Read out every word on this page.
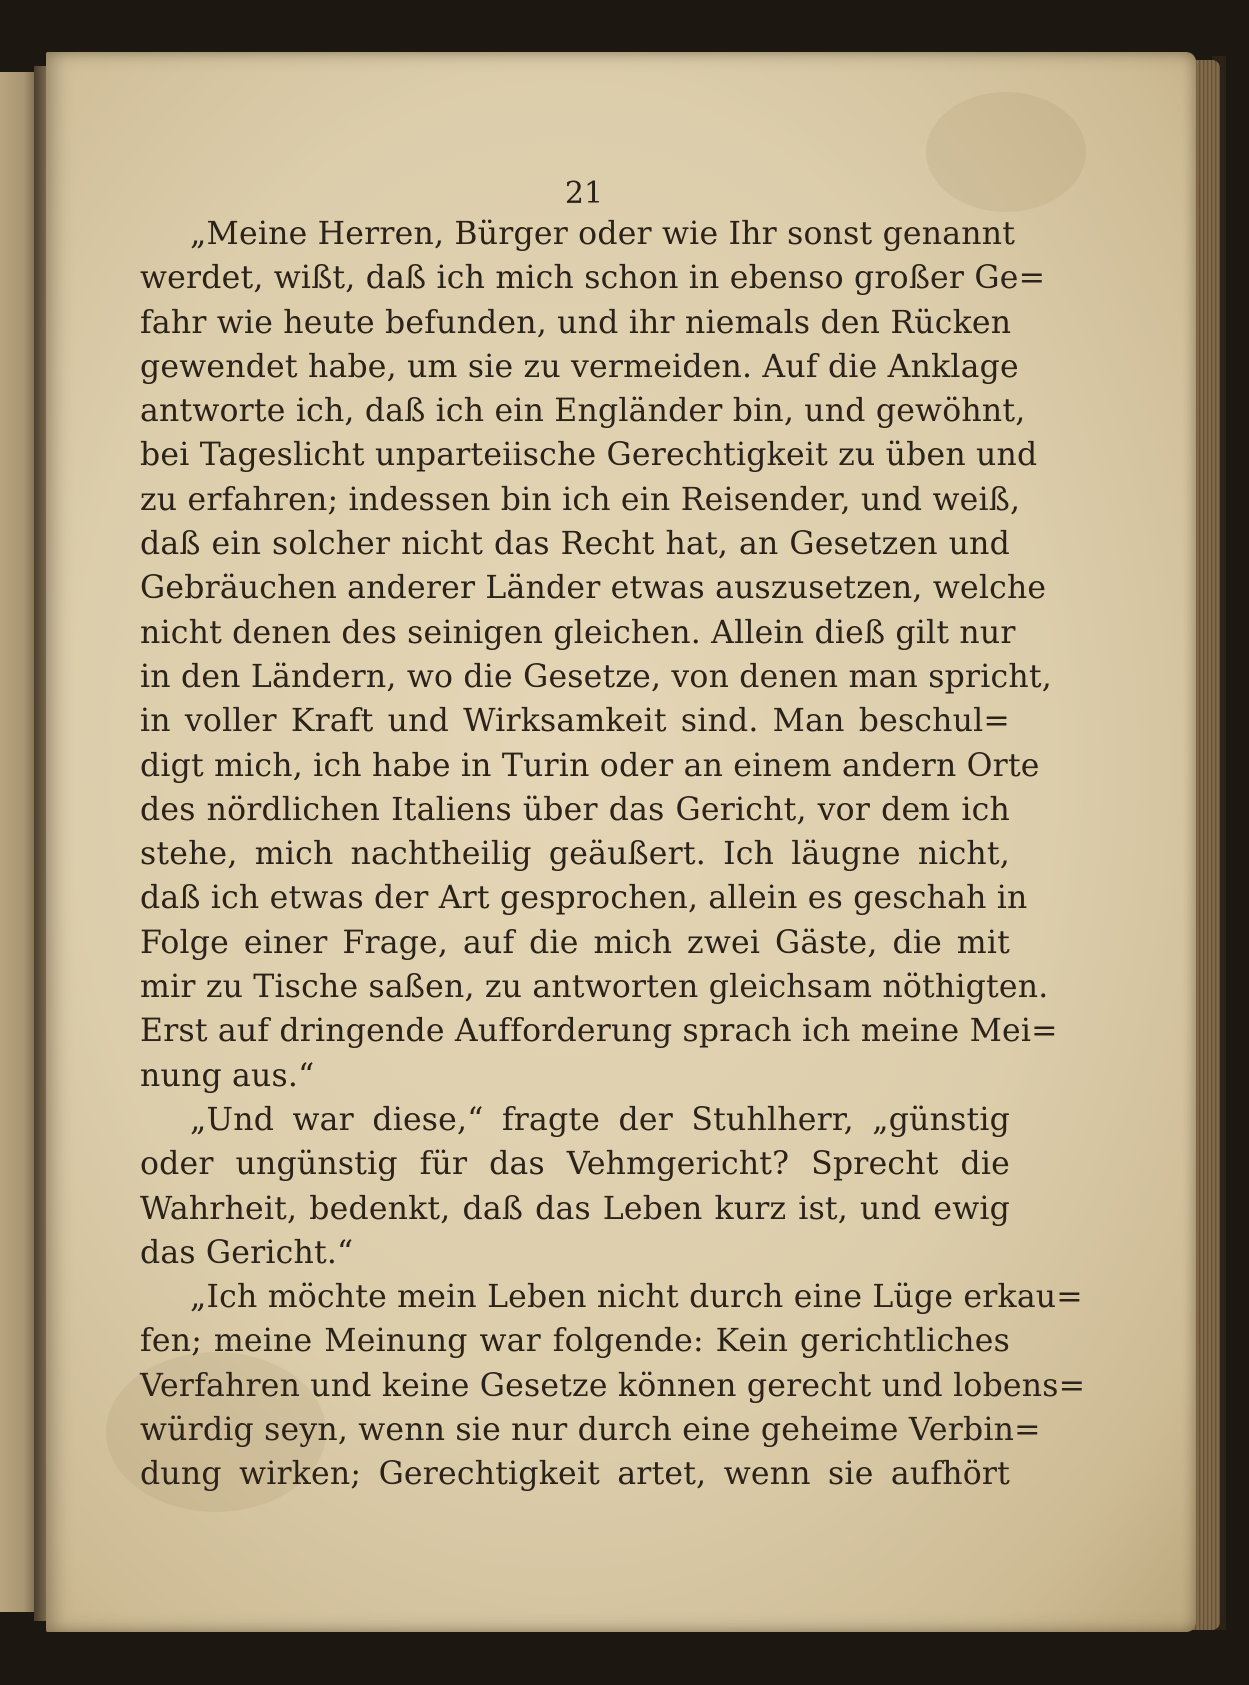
21
„Meine Herren, Bürger oder wie Ihr sonst genannt
werdet, wißt, daß ich mich schon in ebenso großer Ge=
fahr wie heute befunden, und ihr niemals den Rücken
gewendet habe, um sie zu vermeiden. Auf die Anklage
antworte ich, daß ich ein Engländer bin, und gewöhnt,
bei Tageslicht unparteiische Gerechtigkeit zu üben und
zu erfahren; indessen bin ich ein Reisender, und weiß,
daß ein solcher nicht das Recht hat, an Gesetzen und
Gebräuchen anderer Länder etwas auszusetzen, welche
nicht denen des seinigen gleichen. Allein dieß gilt nur
in den Ländern, wo die Gesetze, von denen man spricht,
in voller Kraft und Wirksamkeit sind. Man beschul=
digt mich, ich habe in Turin oder an einem andern Orte
des nördlichen Italiens über das Gericht, vor dem ich
stehe, mich nachtheilig geäußert. Ich läugne nicht,
daß ich etwas der Art gesprochen, allein es geschah in
Folge einer Frage, auf die mich zwei Gäste, die mit
mir zu Tische saßen, zu antworten gleichsam nöthigten.
Erst auf dringende Aufforderung sprach ich meine Mei=
nung aus.“
„Und war diese,“ fragte der Stuhlherr, „günstig
oder ungünstig für das Vehmgericht? Sprecht die
Wahrheit, bedenkt, daß das Leben kurz ist, und ewig
das Gericht.“
„Ich möchte mein Leben nicht durch eine Lüge erkau=
fen; meine Meinung war folgende: Kein gerichtliches
Verfahren und keine Gesetze können gerecht und lobens=
würdig seyn, wenn sie nur durch eine geheime Verbin=
dung wirken; Gerechtigkeit artet, wenn sie aufhört
